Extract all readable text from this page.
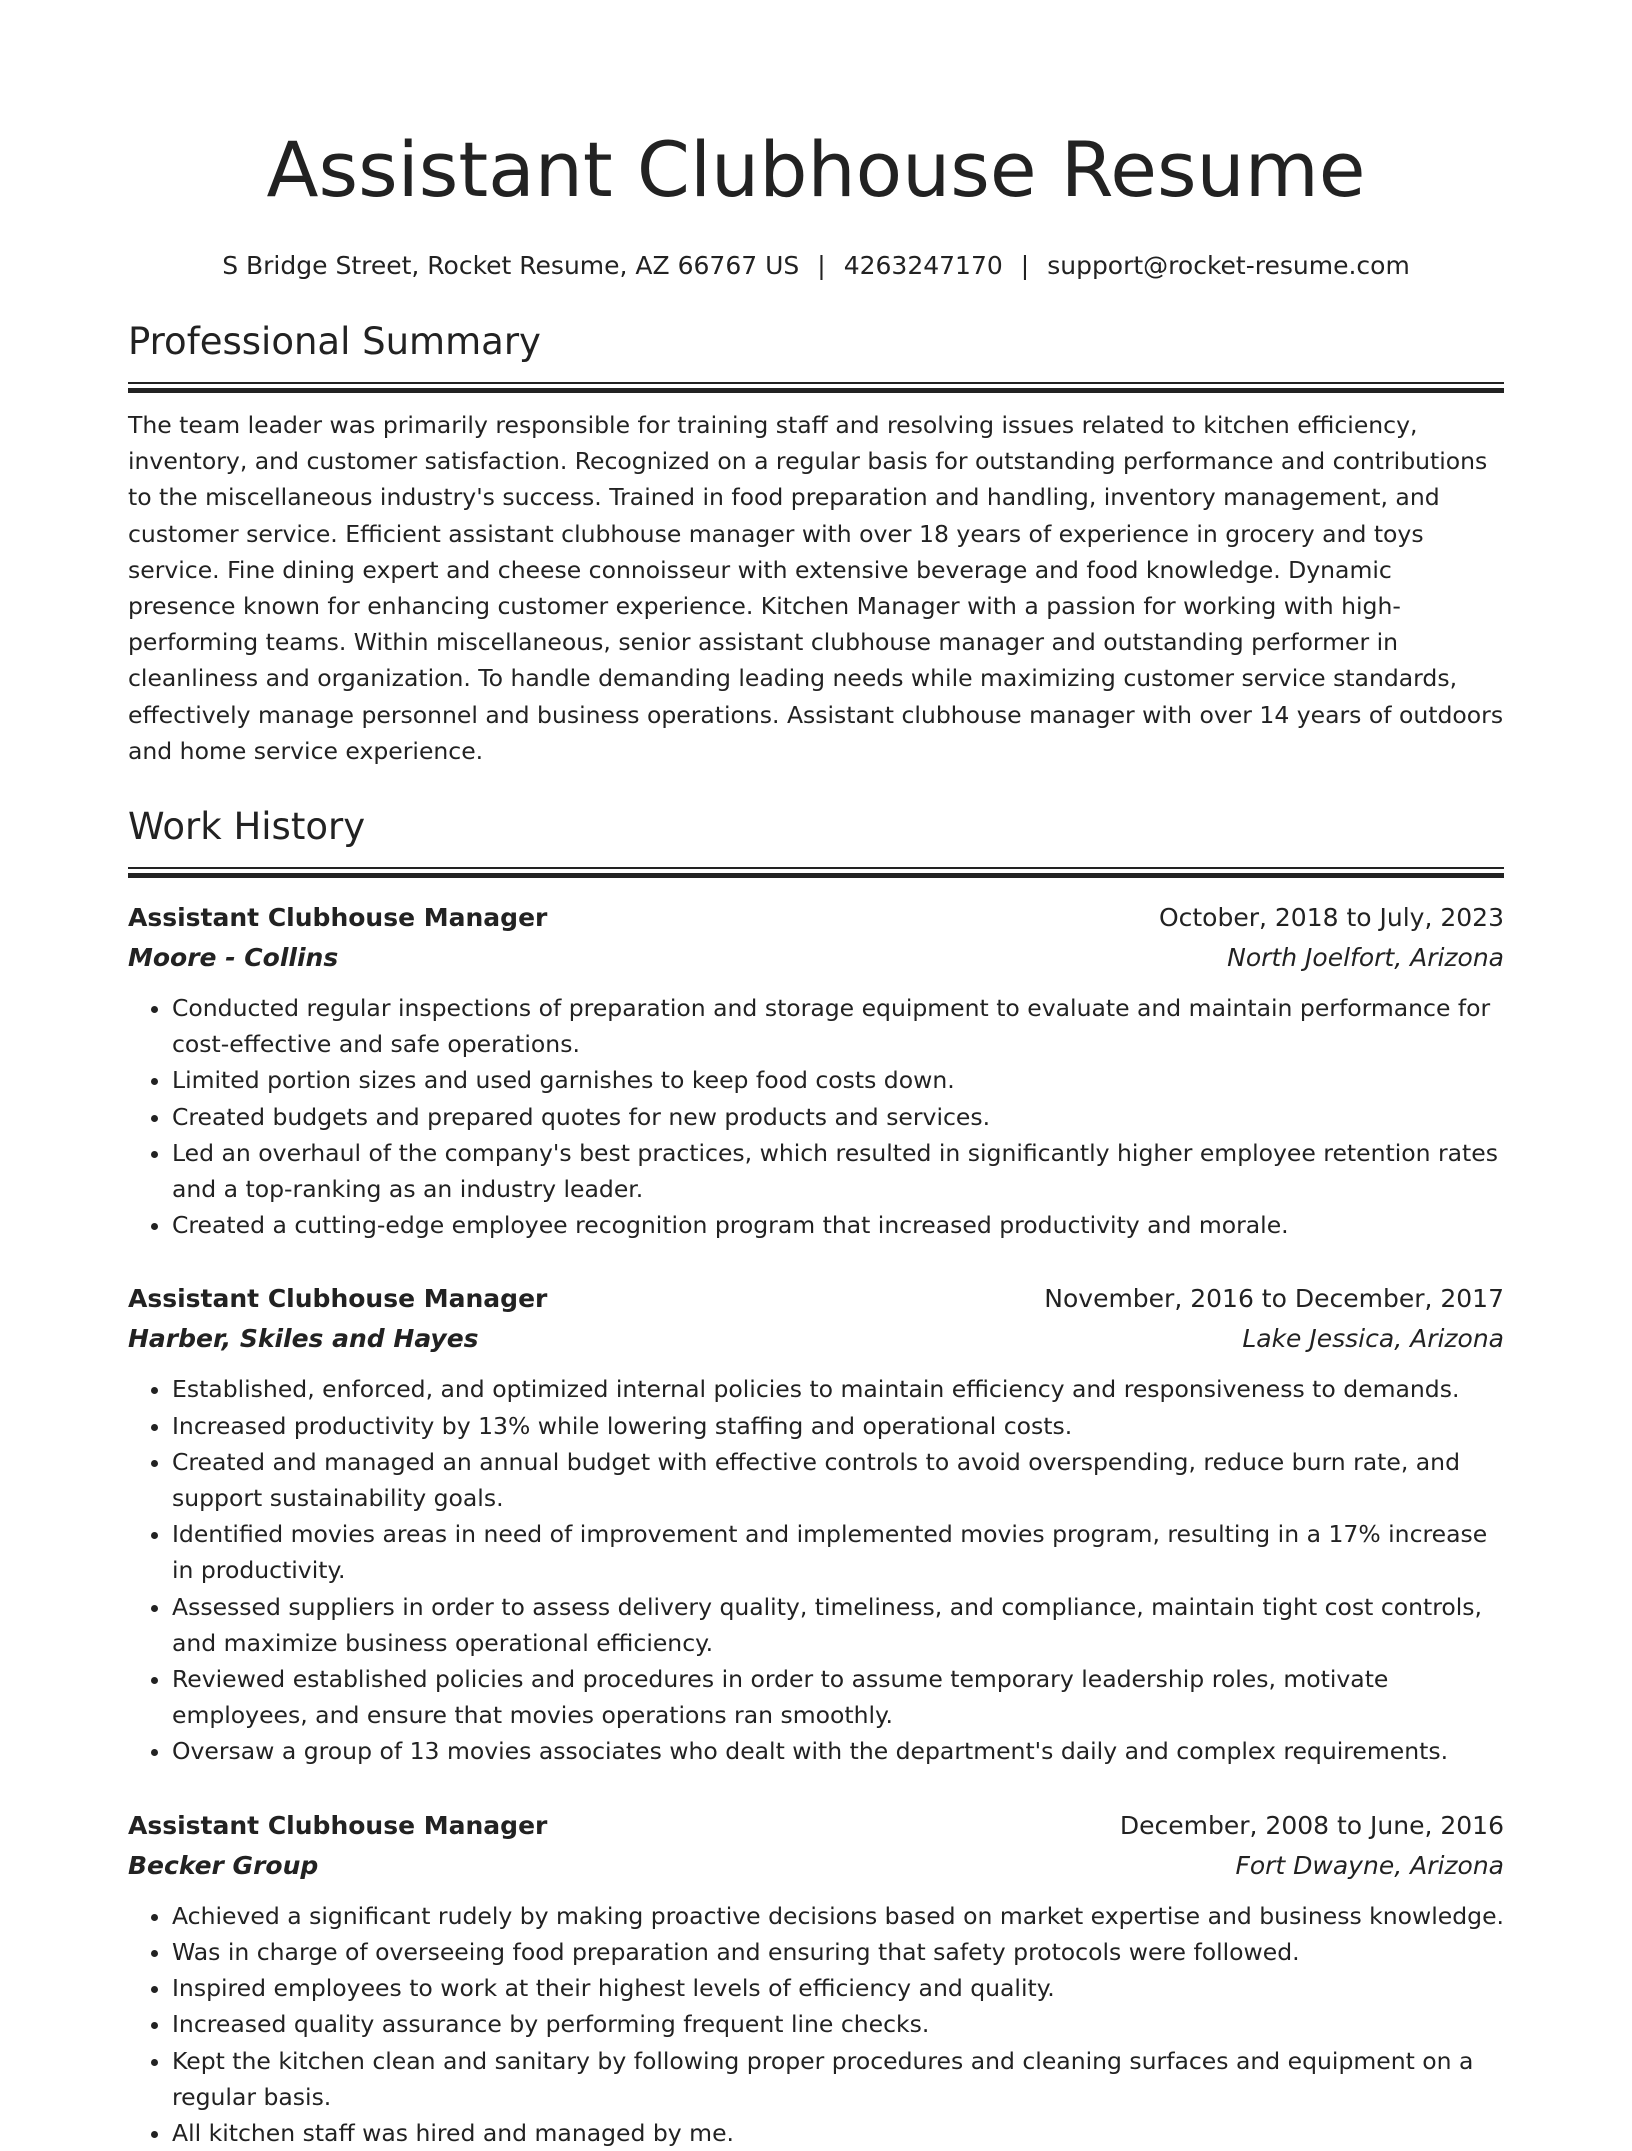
Assistant Clubhouse Resume
S Bridge Street, Rocket Resume, AZ 66767 US | 4263247170 | support@rocket-resume.com
Professional Summary

The team leader was primarily responsible for training staff and resolving issues related to kitchen efficiency, inventory, and customer satisfaction. Recognized on a regular basis for outstanding performance and contributions to the miscellaneous industry's success. Trained in food preparation and handling, inventory management, and customer service. Efficient assistant clubhouse manager with over 18 years of experience in grocery and toys service. Fine dining expert and cheese connoisseur with extensive beverage and food knowledge. Dynamic presence known for enhancing customer experience. Kitchen Manager with a passion for working with high-performing teams. Within miscellaneous, senior assistant clubhouse manager and outstanding performer in cleanliness and organization. To handle demanding leading needs while maximizing customer service standards, effectively manage personnel and business operations. Assistant clubhouse manager with over 14 years of outdoors and home service experience.

Work History
Assistant Clubhouse Manager	October, 2018 to July, 2023
Moore - Collins	North Joelfort, Arizona
• Conducted regular inspections of preparation and storage equipment to evaluate and maintain performance for cost-effective and safe operations.
• Limited portion sizes and used garnishes to keep food costs down.
• Created budgets and prepared quotes for new products and services.
• Led an overhaul of the company's best practices, which resulted in significantly higher employee retention rates and a top-ranking as an industry leader.
• Created a cutting-edge employee recognition program that increased productivity and morale.
Assistant Clubhouse Manager	November, 2016 to December, 2017
Harber, Skiles and Hayes	Lake Jessica, Arizona
• Established, enforced, and optimized internal policies to maintain efficiency and responsiveness to demands.
• Increased productivity by 13% while lowering staffing and operational costs.
• Created and managed an annual budget with effective controls to avoid overspending, reduce burn rate, and support sustainability goals.
• Identified movies areas in need of improvement and implemented movies program, resulting in a 17% increase in productivity.
• Assessed suppliers in order to assess delivery quality, timeliness, and compliance, maintain tight cost controls, and maximize business operational efficiency.
• Reviewed established policies and procedures in order to assume temporary leadership roles, motivate employees, and ensure that movies operations ran smoothly.
• Oversaw a group of 13 movies associates who dealt with the department's daily and complex requirements.
Assistant Clubhouse Manager	December, 2008 to June, 2016
Becker Group	Fort Dwayne, Arizona
• Achieved a significant rudely by making proactive decisions based on market expertise and business knowledge.
• Was in charge of overseeing food preparation and ensuring that safety protocols were followed.
• Inspired employees to work at their highest levels of efficiency and quality.
• Increased quality assurance by performing frequent line checks.
• Kept the kitchen clean and sanitary by following proper procedures and cleaning surfaces and equipment on a regular basis.
• All kitchen staff was hired and managed by me.
